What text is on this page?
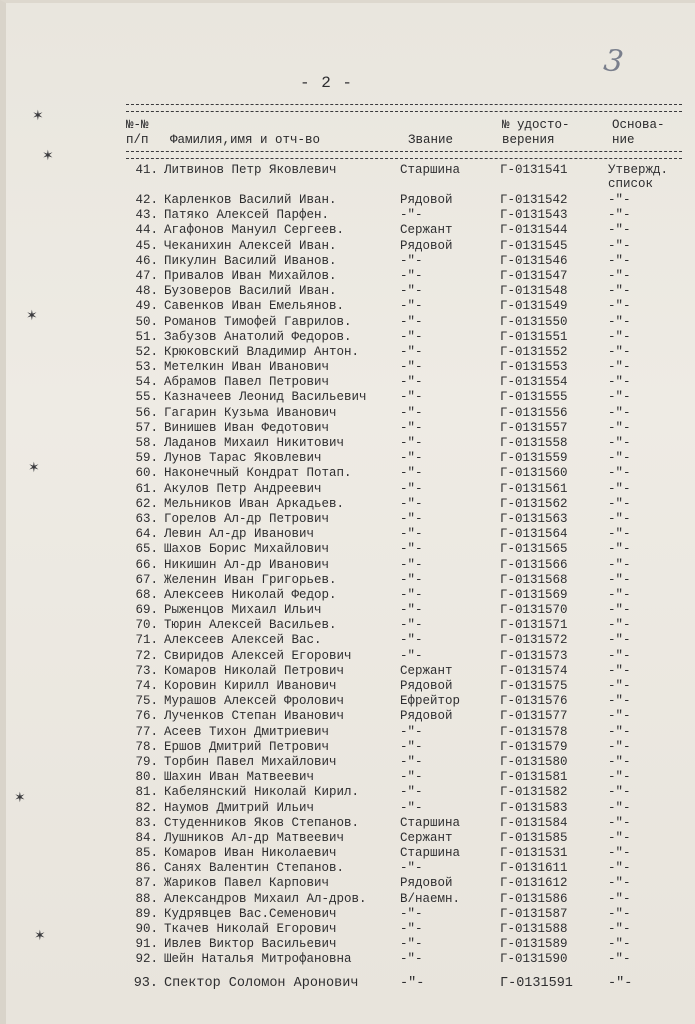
3
- 2 -
№-№
п/п Фамилия,имя и отч-во	Звание
№ удосто-
верения
Основа-
ние
41. Литвинов Петр Яковлевич	Старшина	Г-0131541	Утвержд.
список
42. Карленков Василий Иван.	Рядовой	Г-0131542	-"-
43. Патяко Алексей Парфен.	-"-	Г-0131543	-"-
44. Агафонов Мануил Сергеев.	Сержант	Г-0131544	-"-
45. Чеканихин Алексей Иван.	Рядовой	Г-0131545	-"-
46. Пикулин Василий Иванов.	-"-	Г-0131546	-"-
47. Привалов Иван Михайлов.	-"-	Г-0131547	-"-
48. Бузоверов Василий Иван.	-"-	Г-0131548	-"-
49. Савенков Иван Емельянов.	-"-	Г-0131549	-"-
50. Романов Тимофей Гаврилов.	-"-	Г-0131550	-"-
51. Забузов Анатолий Федоров.	-"-	Г-0131551	-"-
52. Крюковский Владимир Антон.	-"-	Г-0131552	-"-
53. Метелкин Иван Иванович	-"-	Г-0131553	-"-
54. Абрамов Павел Петрович	-"-	Г-0131554	-"-
55. Казначеев Леонид Васильевич	-"-	Г-0131555	-"-
56. Гагарин Кузьма Иванович	-"-	Г-0131556	-"-
57. Винишев Иван Федотович	-"-	Г-0131557	-"-
58. Ладанов Михаил Никитович	-"-	Г-0131558	-"-
59. Лунов Тарас Яковлевич	-"-	Г-0131559	-"-
60. Наконечный Кондрат Потап.	-"-	Г-0131560	-"-
61. Акулов Петр Андреевич	-"-	Г-0131561	-"-
62. Мельников Иван Аркадьев.	-"-	Г-0131562	-"-
63. Горелов Ал-др Петрович	-"-	Г-0131563	-"-
64. Левин Ал-др Иванович	-"-	Г-0131564	-"-
65. Шахов Борис Михайлович	-"-	Г-0131565	-"-
66. Никишин Ал-др Иванович	-"-	Г-0131566	-"-
67. Желенин Иван Григорьев.	-"-	Г-0131568	-"-
68. Алексеев Николай Федор.	-"-	Г-0131569	-"-
69. Рыженцов Михаил Ильич	-"-	Г-0131570	-"-
70. Тюрин Алексей Васильев.	-"-	Г-0131571	-"-
71. Алексеев Алексей Вас.	-"-	Г-0131572	-"-
72. Свиридов Алексей Егорович	-"-	Г-0131573	-"-
73. Комаров Николай Петрович	Сержант	Г-0131574	-"-
74. Коровин Кирилл Иванович	Рядовой	Г-0131575	-"-
75. Мурашов Алексей Фролович	Ефрейтор	Г-0131576	-"-
76. Лученков Степан Иванович	Рядовой	Г-0131577	-"-
77. Асеев Тихон Дмитриевич	-"-	Г-0131578	-"-
78. Ершов Дмитрий Петрович	-"-	Г-0131579	-"-
79. Торбин Павел Михайлович	-"-	Г-0131580	-"-
80. Шахин Иван Матвеевич	-"-	Г-0131581	-"-
81. Кабелянский Николай Кирил.	-"-	Г-0131582	-"-
82. Наумов Дмитрий Ильич	-"-	Г-0131583	-"-
83. Студенников Яков Степанов.	Старшина	Г-0131584	-"-
84. Лушников Ал-др Матвеевич	Сержант	Г-0131585	-"-
85. Комаров Иван Николаевич	Старшина	Г-0131531	-"-
86. Санях Валентин Степанов.	-"-	Г-0131611	-"-
87. Жариков Павел Карпович	Рядовой	Г-0131612	-"-
88. Александров Михаил Ал-дров.	В/наемн.	Г-0131586	-"-
89. Кудрявцев Вас.Семенович	-"-	Г-0131587	-"-
90. Ткачев Николай Егорович	-"-	Г-0131588	-"-
91. Ивлев Виктор Васильевич	-"-	Г-0131589	-"-
92. Шейн Наталья Митрофановна	-"-	Г-0131590	-"-
93. Спектор Соломон Аронович	-"-	Г-0131591	-"-
✶
✶
✶
✶
✶
✶
